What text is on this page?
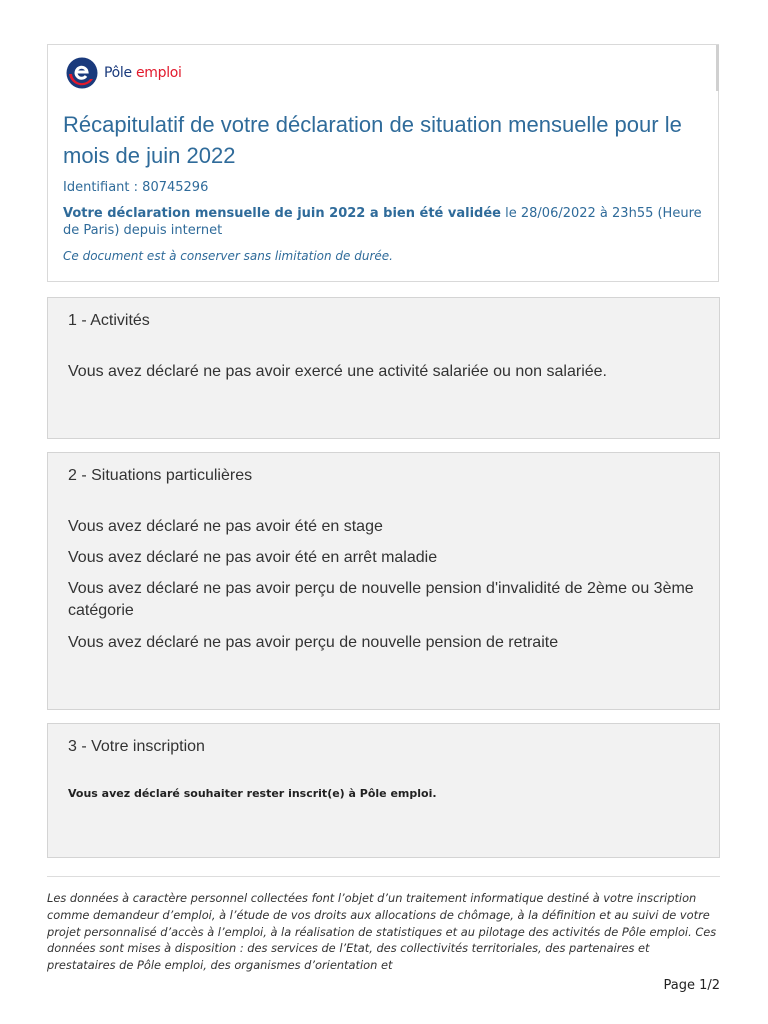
Pôle emploi
Récapitulatif de votre déclaration de situation mensuelle pour le mois de juin 2022
Identifiant : 80745296
Votre déclaration mensuelle de juin 2022 a bien été validée le 28/06/2022 à 23h55 (Heure de Paris) depuis internet
Ce document est à conserver sans limitation de durée.
1 - Activités
Vous avez déclaré ne pas avoir exercé une activité salariée ou non salariée.
2 - Situations particulières
Vous avez déclaré ne pas avoir été en stage
Vous avez déclaré ne pas avoir été en arrêt maladie
Vous avez déclaré ne pas avoir perçu de nouvelle pension d'invalidité de 2ème ou 3ème catégorie
Vous avez déclaré ne pas avoir perçu de nouvelle pension de retraite
3 - Votre inscription
Vous avez déclaré souhaiter rester inscrit(e) à Pôle emploi.

Les données à caractère personnel collectées font l’objet d’un traitement informatique destiné à votre inscription comme demandeur d’emploi, à l’étude de vos droits aux allocations de chômage, à la définition et au suivi de votre projet personnalisé d’accès à l’emploi, à la réalisation de statistiques et au pilotage des activités de Pôle emploi. Ces données sont mises à disposition : des services de l’Etat, des collectivités territoriales, des partenaires et prestataires de Pôle emploi, des organismes d’orientation et

Page 1/2
